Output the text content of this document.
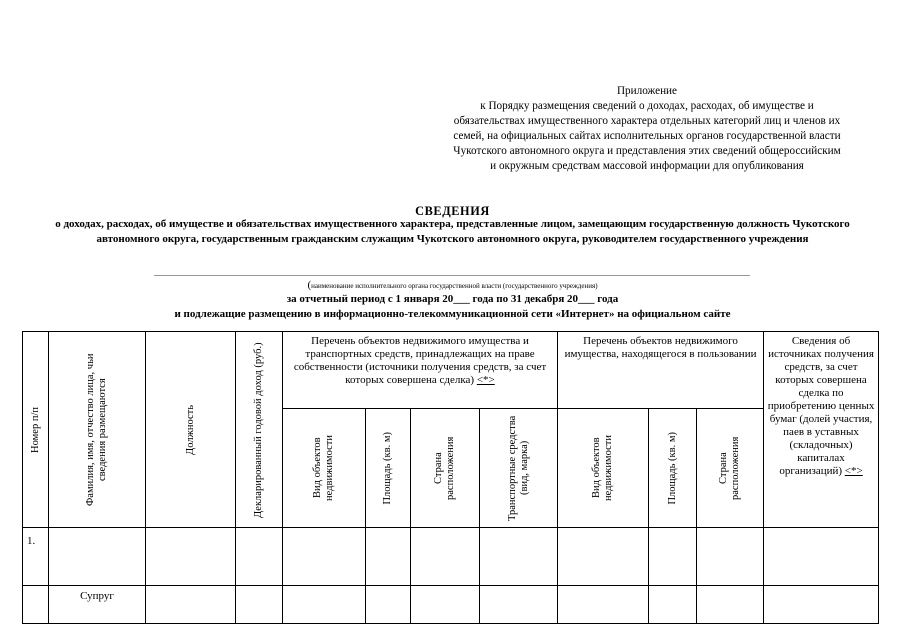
Приложение
к Порядку размещения сведений о доходах, расходах, об имуществе и
обязательствах имущественного характера отдельных категорий лиц и членов их
семей, на официальных сайтах исполнительных органов государственной власти
Чукотского автономного округа и представления этих сведений общероссийским
и окружным средствам массовой информации для опубликования
СВЕДЕНИЯ
о доходах, расходах, об имуществе и обязательствах имущественного характера, представленные лицом, замещающим государственную должность Чукотского автономного округа, государственным гражданским служащим Чукотского автономного округа, руководителем государственного учреждения
(наименование исполнительного органа государственной власти (государственного учреждения)
за отчетный период с 1 января 20___ года по 31 декабря 20___ года
и подлежащие размещению в информационно-телекоммуникационной сети «Интернет» на официальном сайте
Номер п/п	Фамилия, имя, отчество лица, чьи сведения размещаются	Должность	Декларированный годовой доход (руб.)	Перечень объектов недвижимого имущества и транспортных средств, принадлежащих на праве собственности (источники получения средств, за счет которых совершена сделка) <*>				Перечень объектов недвижимого имущества, находящегося в пользовании			Сведения об источниках получения средств, за счет которых совершена сделка по приобретению ценных бумаг (долей участия, паев в уставных (складочных) капиталах организаций) <*>

				Вид объектов недвижимости	Площадь (кв. м)	Страна расположения	Транспортные средства (вид, марка)	Вид объектов недвижимости	Площадь (кв. м)	Страна расположения	

1.											
	Супруг										
